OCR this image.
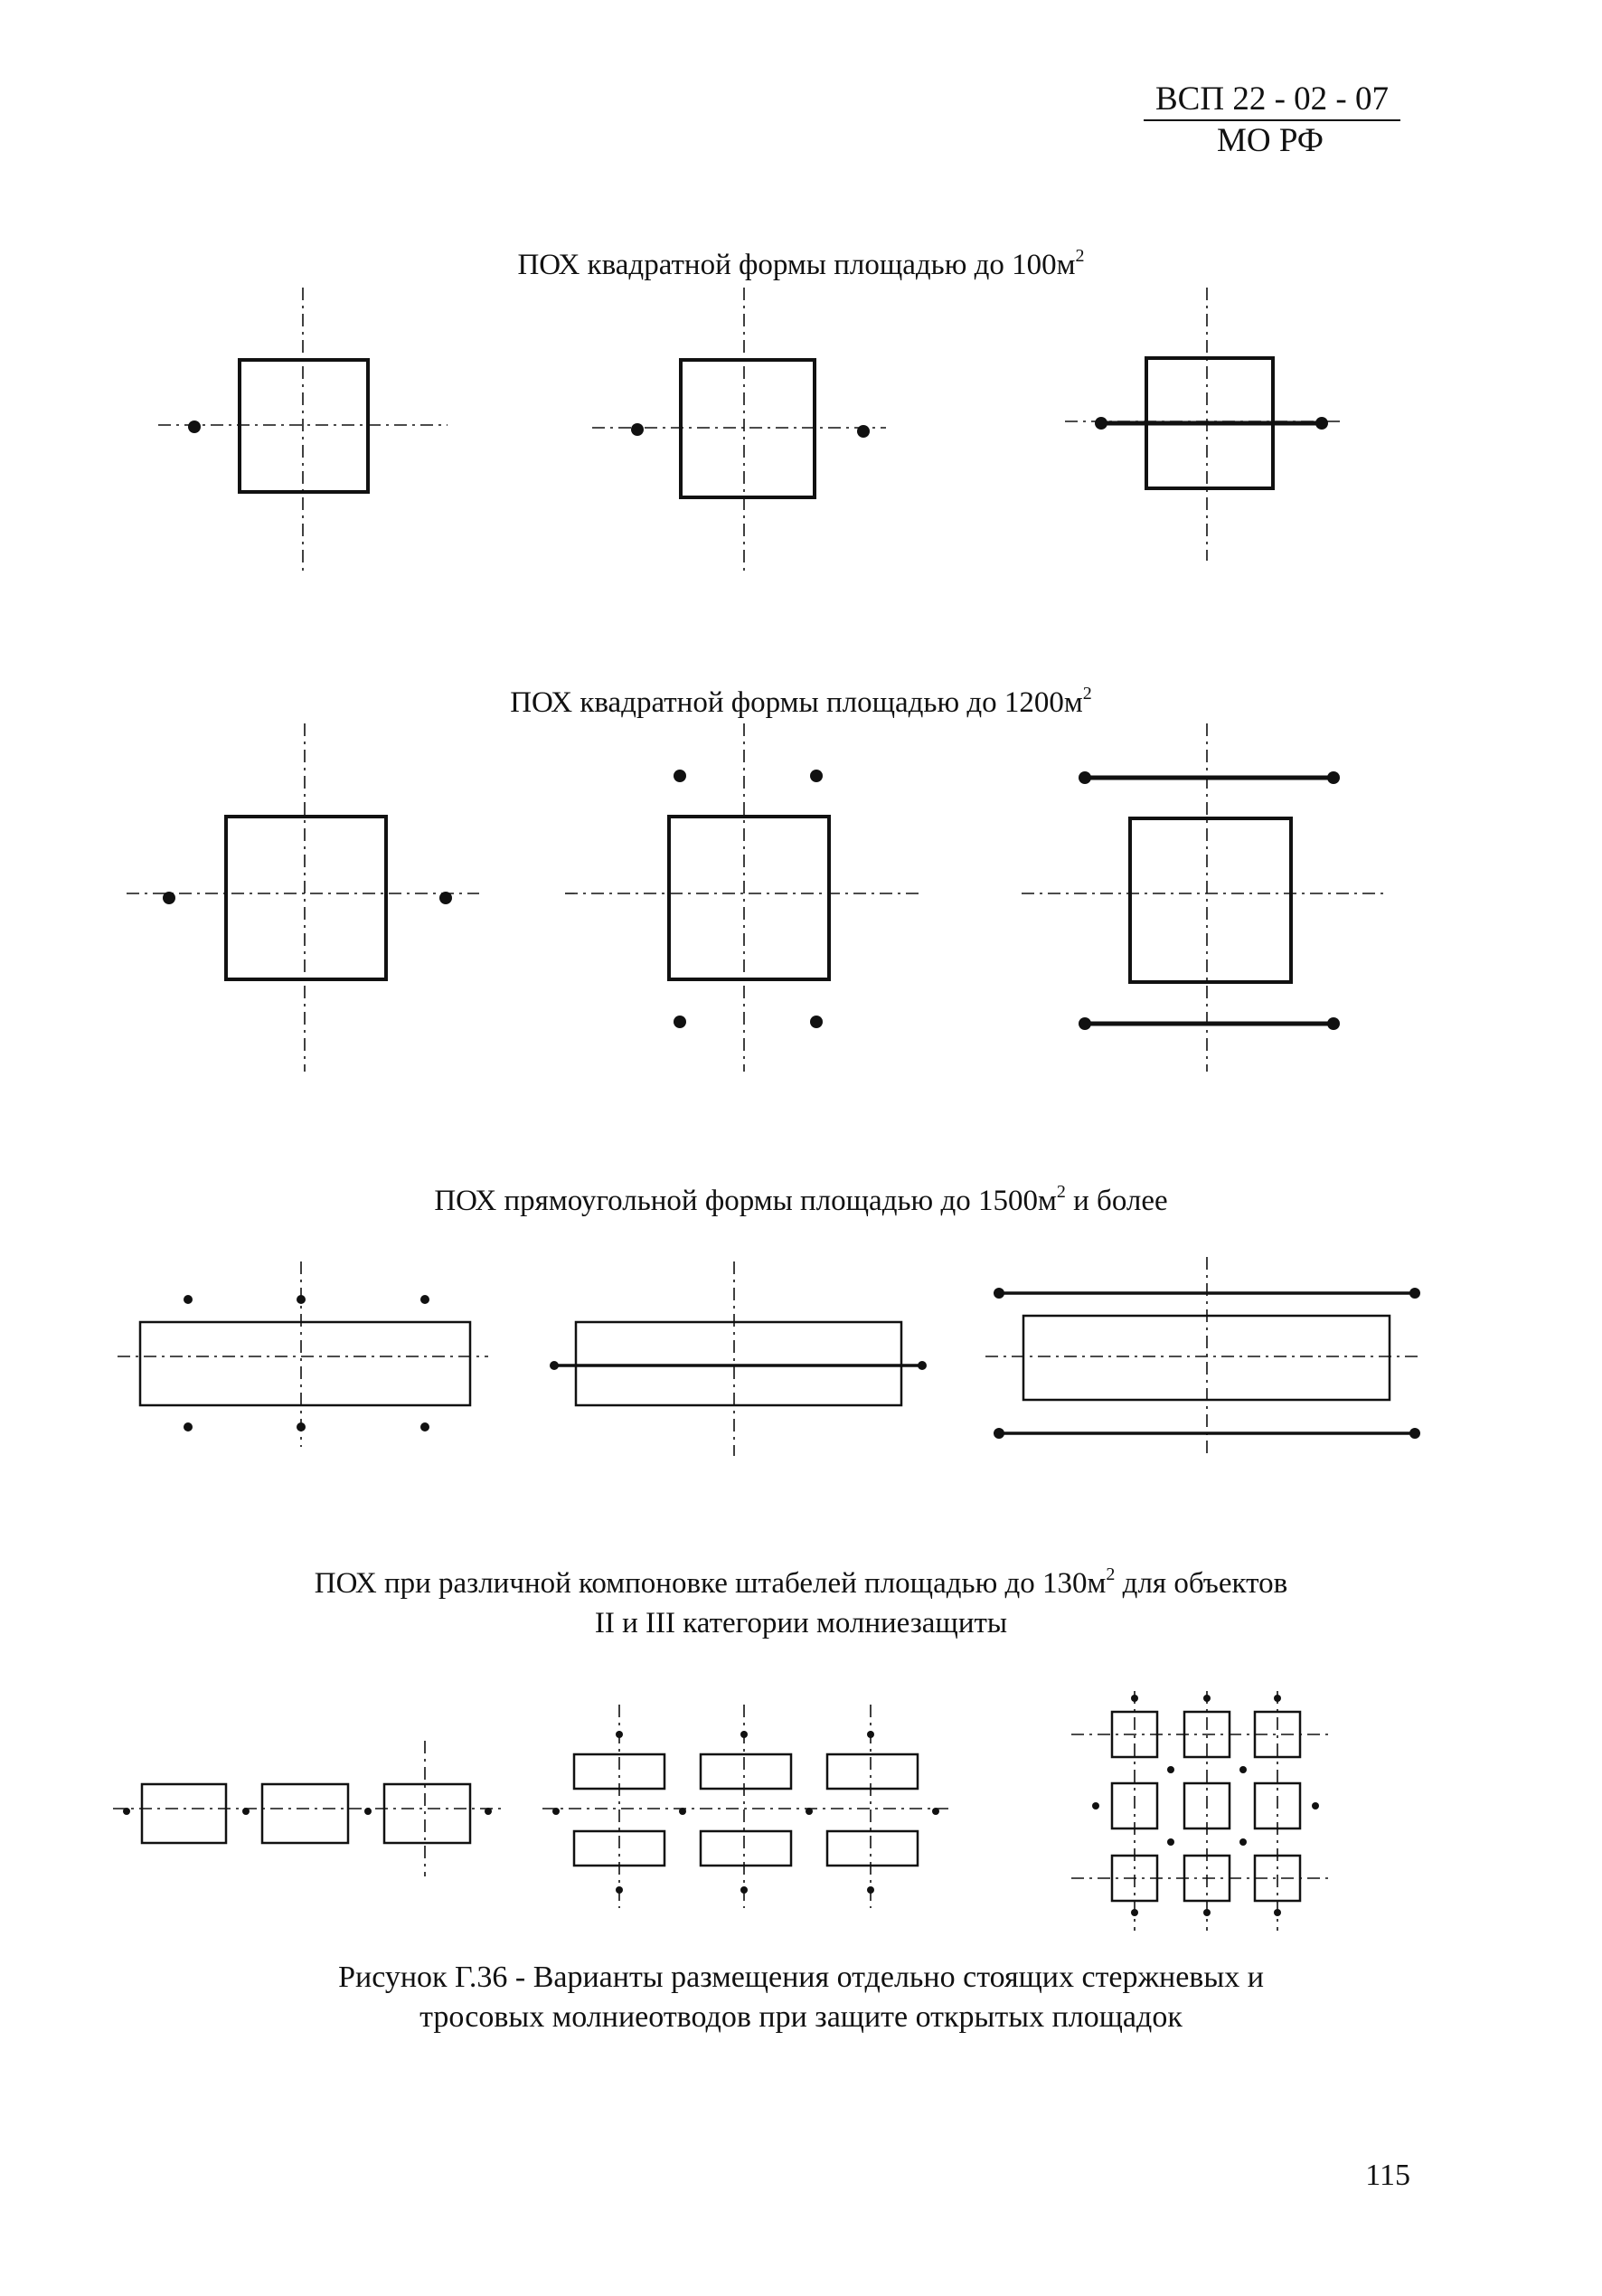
ВСП 22 - 02 - 07
МО РФ
ПОХ квадратной формы площадью до $100м^2$
ПОХ квадратной формы площадью до $1200м^2$
ПОХ прямоугольной формы площадью до $1500м^2$ и более
ПОХ при различной компоновке штабелей площадью до $130м^2$ для объектов
II и III категории молниезащиты
Рисунок Г.36 - Варианты размещения отдельно стоящих стержневых и
тросовых молниеотводов при защите открытых площадок
115
